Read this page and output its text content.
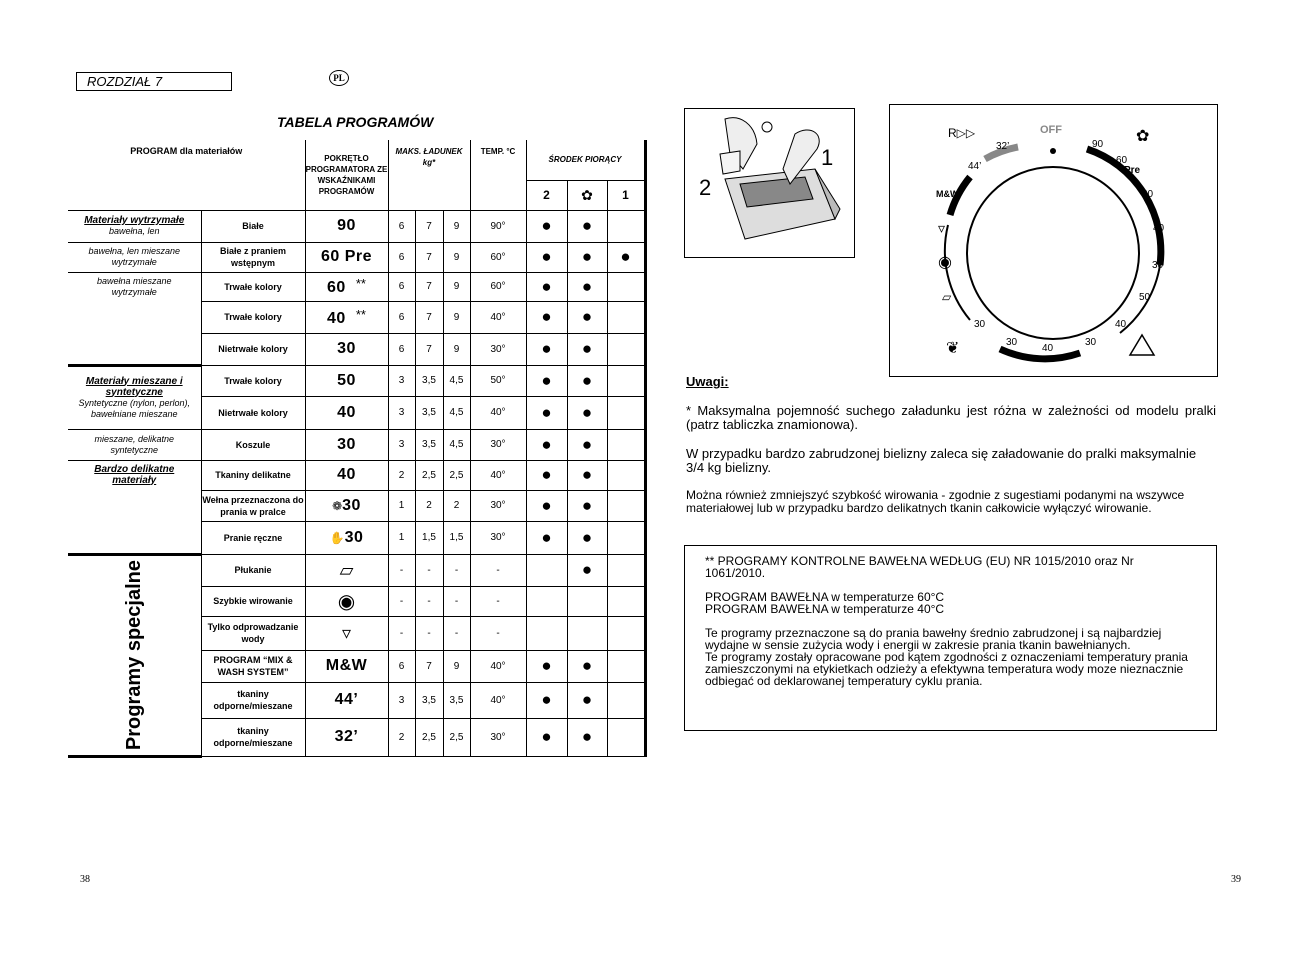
ROZDZIAŁ 7	PL
TABELA PROGRAMÓW
PROGRAM dla materiałów		POKRĘTŁO PROGRAMATORA ZE WSKAŹNIKAMI PROGRAMÓW	MAKS. ŁADUNEK kg*			TEMP. °C	ŚRODEK PIORĄCY		
							2	✿	1

Materiały wytrzymałe
bawełna, len	Białe	90	6	7	9	90°	●	●	

bawełna, len mieszane wytrzymałe	Białe z praniem wstępnym	60 Pre	6	7	9	60°	●	●	●

bawełna mieszane wytrzymałe	Trwałe kolory	60 **	6	7	9	60°	●	●	
	Trwałe kolory	40 **	6	7	9	40°	●	●	
	Nietrwałe kolory	30	6	7	9	30°	●	●	

Materiały mieszane i syntetyczne
Syntetyczne (nylon, perlon), bawełniane mieszane	Trwałe kolory	50	3	3,5	4,5	50°	●	●	
	Nietrwałe kolory	40	3	3,5	4,5	40°	●	●	

mieszane, delikatne syntetyczne	Koszule	30	3	3,5	4,5	30°	●	●	

Bardzo delikatne materiały	Tkaniny delikatne	40	2	2,5	2,5	40°	●	●	
	Wełna przeznaczona do prania w pralce	❁30	1	2	2	30°	●	●	
	Pranie ręczne	✋30	1	1,5	1,5	30°	●	●	

Programy specjalne	Płukanie	▱	-	-	-	-		●	
	Szybkie wirowanie	◉	-	-	-	-			
	Tylko odprowadzanie wody	▿	-	-	-	-			
	PROGRAM “MIX & WASH SYSTEM”	M&W	6	7	9	40°	●	●	
	tkaniny odporne/mieszane	44’	3	3,5	3,5	40°	●	●	
	tkaniny odporne/mieszane	32’	2	2,5	2,5	30°	●	●	
1
2
OFF
90
60
Pre
60
40
30
50
40
30
40
30
30
M&W
44’
32’
R▷▷	✿
▿
◉
▱
❦
Uwagi:
* Maksymalna pojemność suchego załadunku jest różna w zależności od modelu pralki (patrz tabliczka znamionowa).
W przypadku bardzo zabrudzonej bielizny zaleca się załadowanie do pralki maksymalnie 3/4 kg bielizny.
Można również zmniejszyć szybkość wirowania - zgodnie z sugestiami podanymi na wszywce materiałowej lub w przypadku bardzo delikatnych tkanin całkowicie wyłączyć wirowanie.

** PROGRAMY KONTROLNE BAWEŁNA WEDŁUG (EU) NR 1015/2010 oraz Nr 1061/2010.

PROGRAM BAWEŁNA w temperaturze 60°C
PROGRAM BAWEŁNA w temperaturze 40°C

Te programy przeznaczone są do prania bawełny średnio zabrudzonej i są najbardziej wydajne w sensie zużycia wody i energii w zakresie prania tkanin bawełnianych.
Te programy zostały opracowane pod kątem zgodności z oznaczeniami temperatury prania zamieszczonymi na etykietkach odzieży a efektywna temperatura wody moze nieznacznie odbiegać od deklarowanej temperatury cyklu prania.

38	39
